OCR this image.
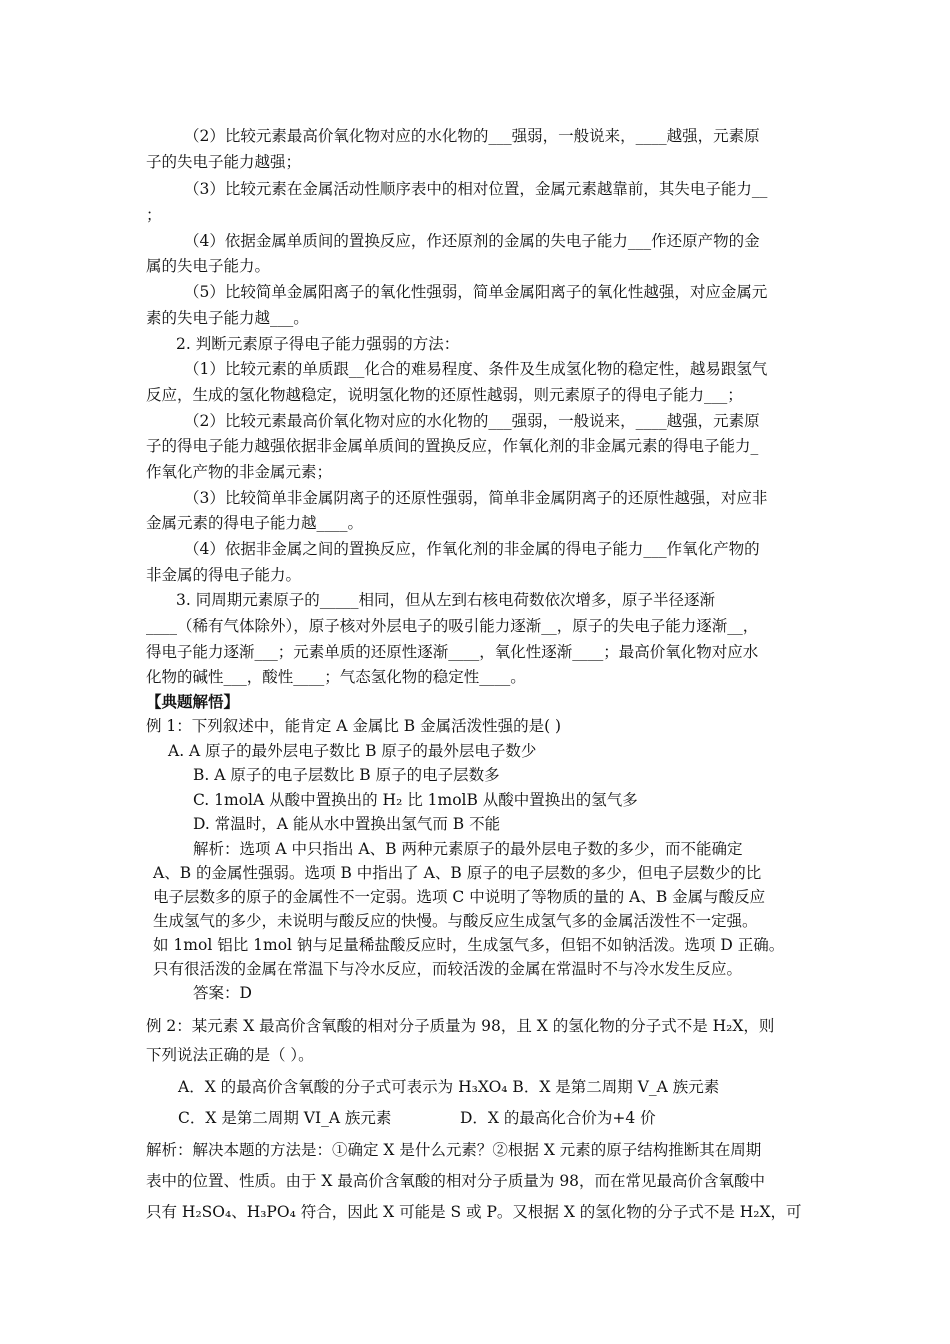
（2）比较元素最高价氧化物对应的水化物的___强弱，一般说来，____越强，元素原
子的失电子能力越强；
（3）比较元素在金属活动性顺序表中的相对位置，金属元素越靠前，其失电子能力__
；
（4）依据金属单质间的置换反应，作还原剂的金属的失电子能力___作还原产物的金
属的失电子能力。
（5）比较简单金属阳离子的氧化性强弱，简单金属阳离子的氧化性越强，对应金属元
素的失电子能力越___。
2. 判断元素原子得电子能力强弱的方法：
（1）比较元素的单质跟__化合的难易程度、条件及生成氢化物的稳定性，越易跟氢气
反应，生成的氢化物越稳定，说明氢化物的还原性越弱，则元素原子的得电子能力___；
（2）比较元素最高价氧化物对应的水化物的___强弱，一般说来，____越强，元素原
子的得电子能力越强依据非金属单质间的置换反应，作氧化剂的非金属元素的得电子能力_
作氧化产物的非金属元素；
（3）比较简单非金属阴离子的还原性强弱，简单非金属阴离子的还原性越强，对应非
金属元素的得电子能力越____。
（4）依据非金属之间的置换反应，作氧化剂的非金属的得电子能力___作氧化产物的
非金属的得电子能力。
3. 同周期元素原子的_____相同，但从左到右核电荷数依次增多，原子半径逐渐
____（稀有气体除外），原子核对外层电子的吸引能力逐渐__，原子的失电子能力逐渐__，
得电子能力逐渐___；元素单质的还原性逐渐____，氧化性逐渐____；最高价氧化物对应水
化物的碱性___，酸性____；气态氢化物的稳定性____。
【典题解悟】
例 1：下列叙述中，能肯定 A 金属比 B 金属活泼性强的是( )
A. A 原子的最外层电子数比 B 原子的最外层电子数少
B. A 原子的电子层数比 B 原子的电子层数多
C. 1molA 从酸中置换出的 H₂ 比 1molB 从酸中置换出的氢气多
D. 常温时，A 能从水中置换出氢气而 B 不能
解析：选项 A 中只指出 A、B 两种元素原子的最外层电子数的多少，而不能确定
A、B 的金属性强弱。选项 B 中指出了 A、B 原子的电子层数的多少，但电子层数少的比
电子层数多的原子的金属性不一定弱。选项 C 中说明了等物质的量的 A、B 金属与酸反应
生成氢气的多少，未说明与酸反应的快慢。与酸反应生成氢气多的金属活泼性不一定强。
如 1mol 铝比 1mol 钠与足量稀盐酸反应时，生成氢气多，但铝不如钠活泼。选项 D 正确。
只有很活泼的金属在常温下与冷水反应，而较活泼的金属在常温时不与冷水发生反应。
答案：D
例 2：某元素 X 最高价含氧酸的相对分子质量为 98，且 X 的氢化物的分子式不是 H₂X，则
下列说法正确的是（ ）。
A．X 的最高价含氧酸的分子式可表示为 H₃XO₄ B．X 是第二周期 V_A 族元素
C．X 是第二周期 VI_A 族元素	D．X 的最高化合价为+4 价
解析：解决本题的方法是：①确定 X 是什么元素？②根据 X 元素的原子结构推断其在周期
表中的位置、性质。由于 X 最高价含氧酸的相对分子质量为 98，而在常见最高价含氧酸中
只有 H₂SO₄、H₃PO₄ 符合，因此 X 可能是 S 或 P。又根据 X 的氢化物的分子式不是 H₂X，可
